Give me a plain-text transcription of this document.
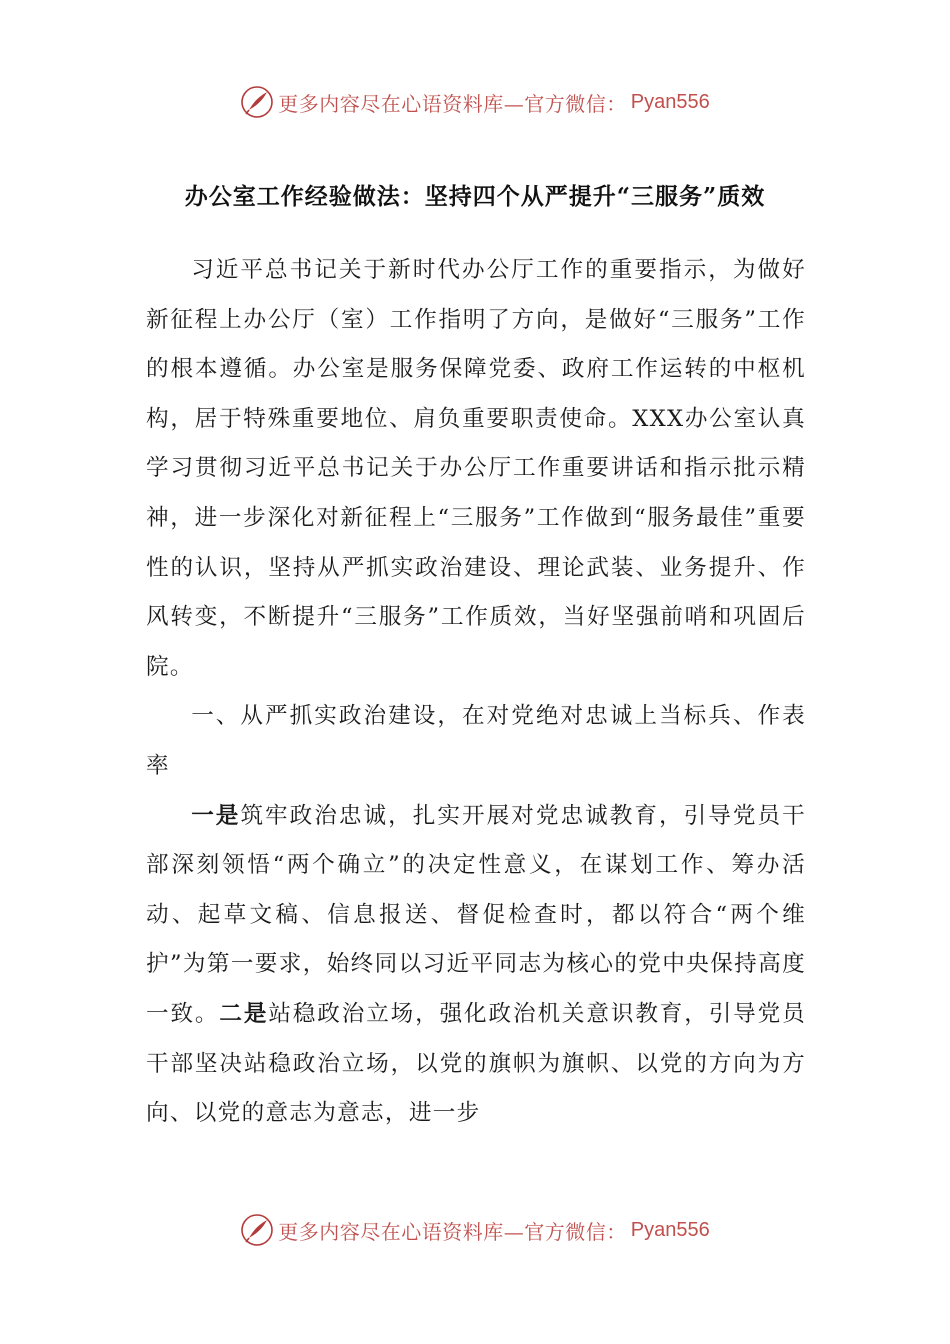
更多内容尽在心语资料库—官方微信： Pyan556
办公室工作经验做法：坚持四个从严提升“三服务”质效

习近平总书记关于新时代办公厅工作的重要指示，为做好新征程上办公厅（室）工作指明了方向，是做好“三服务”工作的根本遵循。办公室是服务保障党委、政府工作运转的中枢机构，居于特殊重要地位、肩负重要职责使命。XXX办公室认真学习贯彻习近平总书记关于办公厅工作重要讲话和指示批示精神，进一步深化对新征程上“三服务”工作做到“服务最佳”重要性的认识，坚持从严抓实政治建设、理论武装、业务提升、作风转变，不断提升“三服务”工作质效，当好坚强前哨和巩固后院。

一、从严抓实政治建设，在对党绝对忠诚上当标兵、作表率

一是筑牢政治忠诚，扎实开展对党忠诚教育，引导党员干部深刻领悟“两个确立”的决定性意义，在谋划工作、筹办活动、起草文稿、信息报送、督促检查时，都以符合“两个维护”为第一要求，始终同以习近平同志为核心的党中央保持高度一致。二是站稳政治立场，强化政治机关意识教育，引导党员干部坚决站稳政治立场，以党的旗帜为旗帜、以党的方向为方向、以党的意志为意志，进一步

更多内容尽在心语资料库—官方微信： Pyan556
